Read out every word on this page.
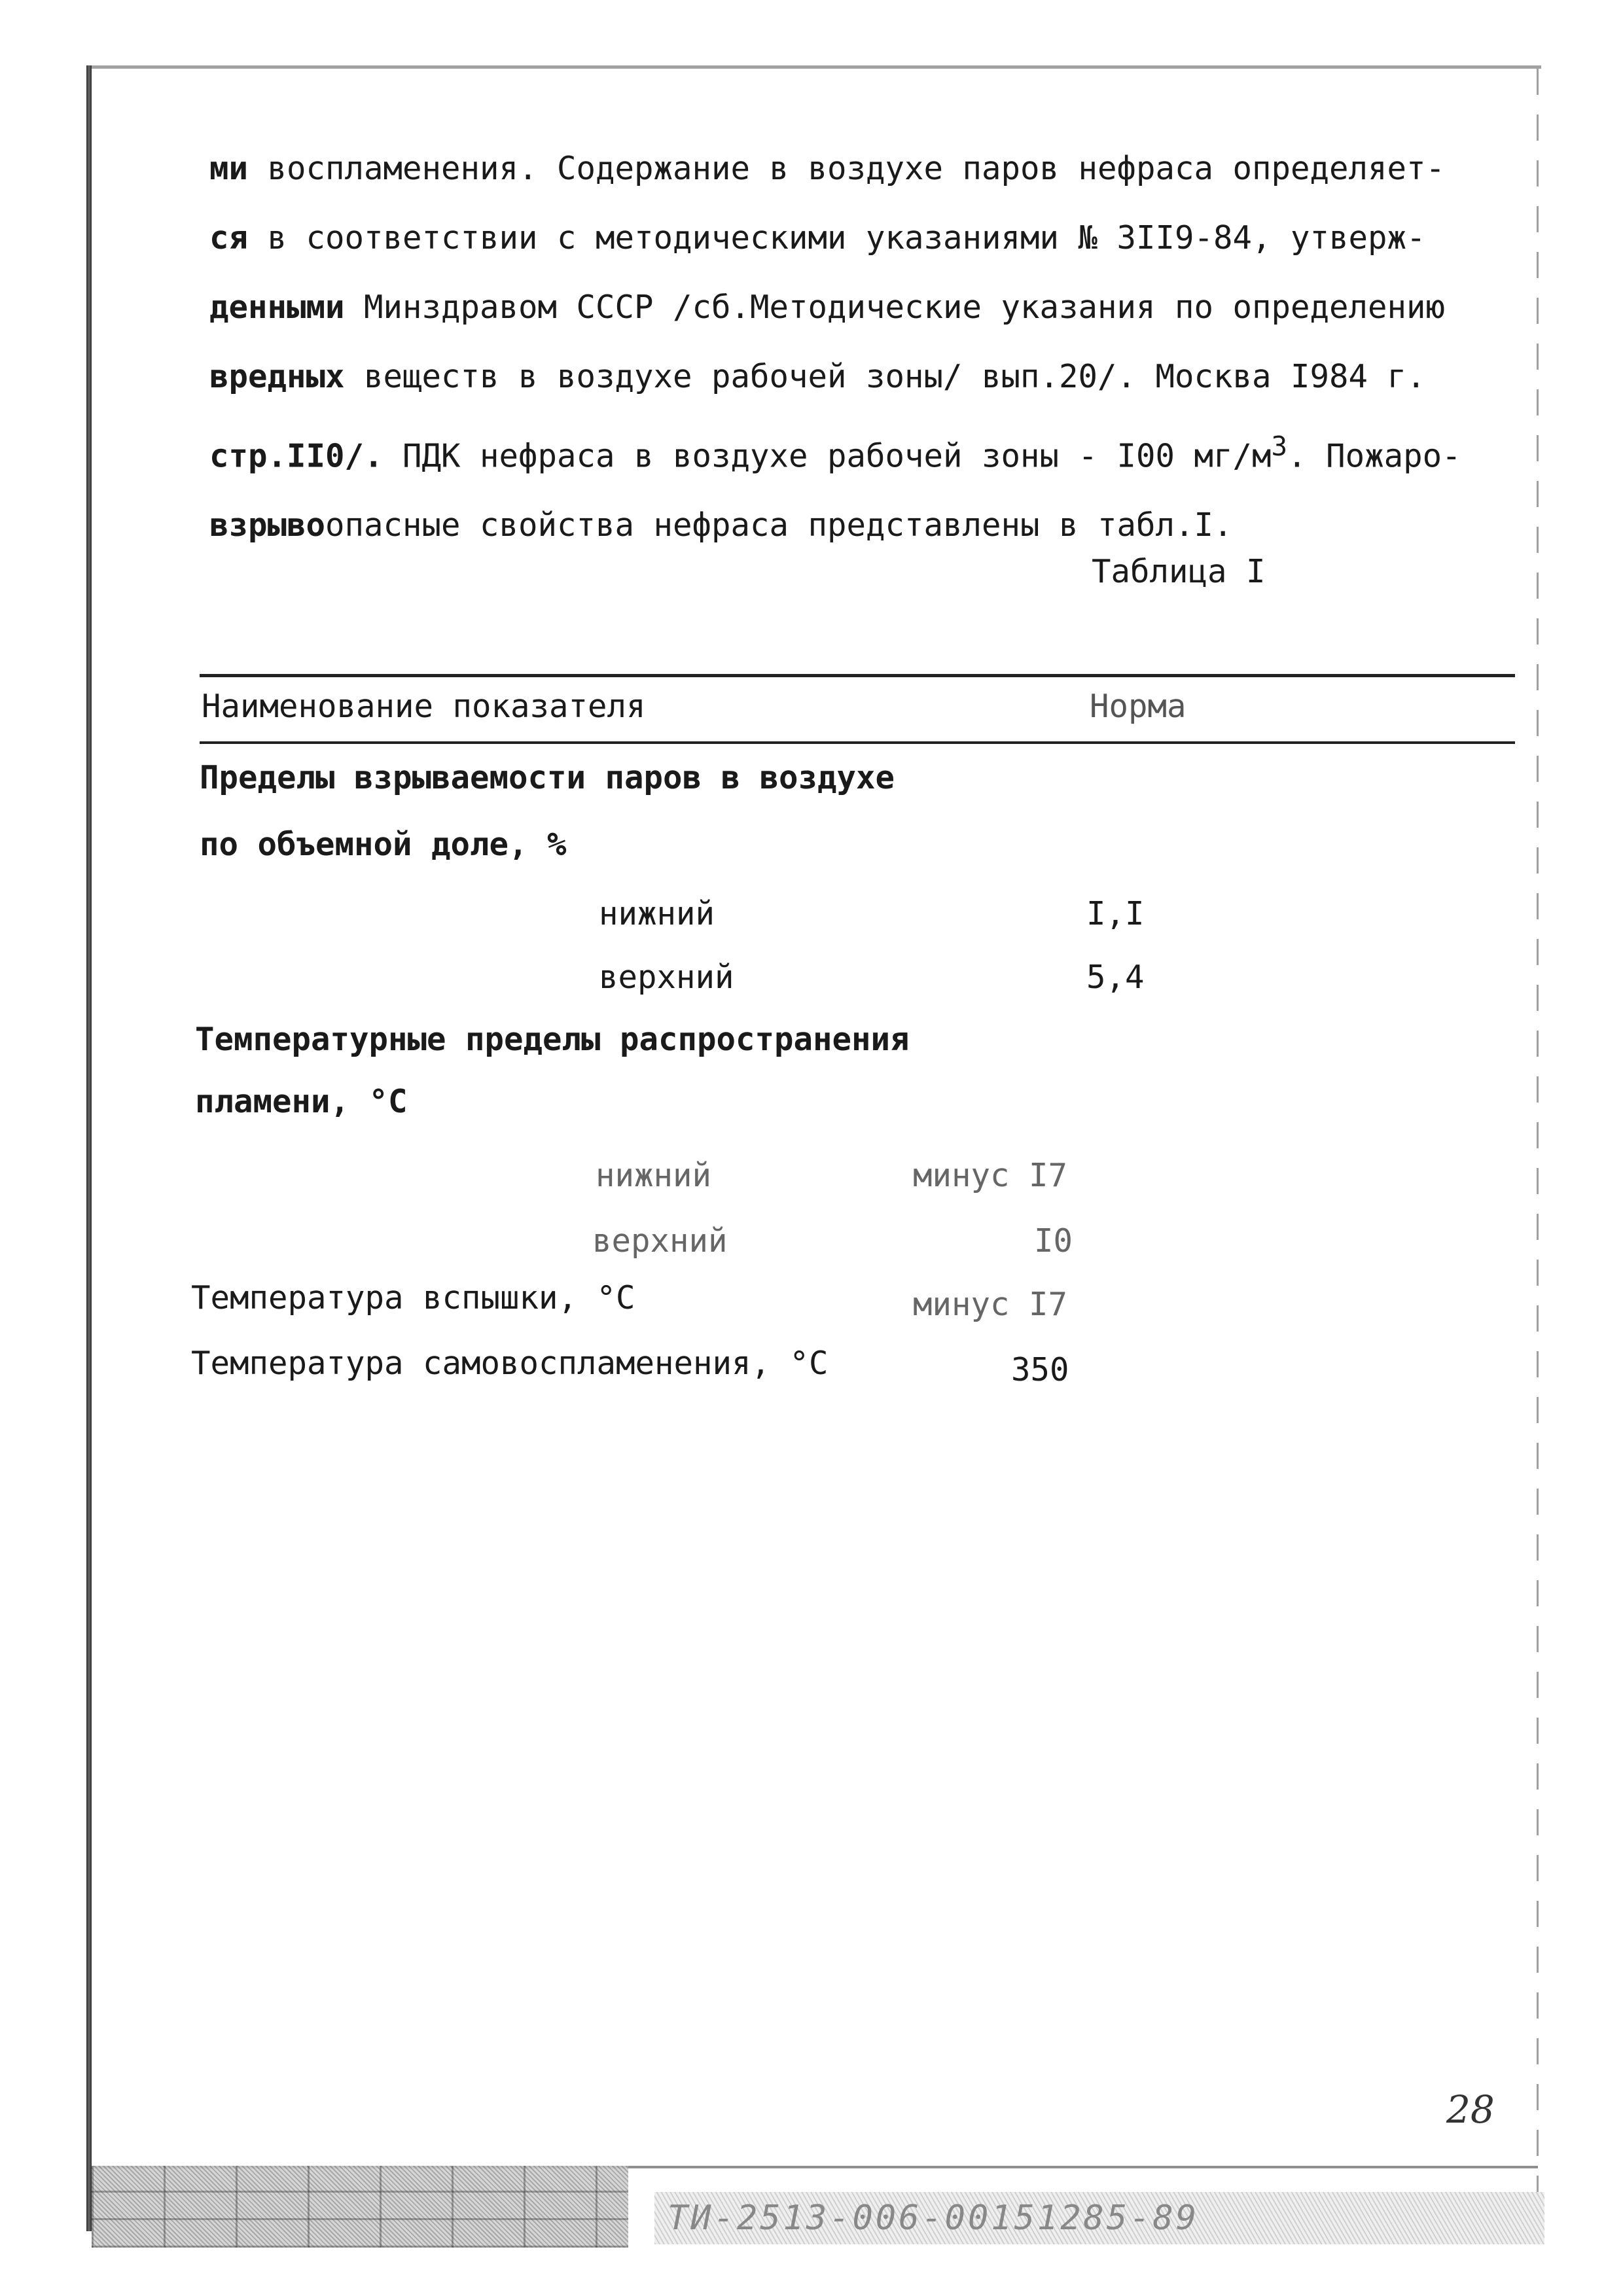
ми воспламенения. Содержание в воздухе паров нефраса определяет-
ся в соответствии с методическими указаниями № 3II9-84, утверж-
денными Минздравом СССР /сб.Методические указания по определению
вредных веществ в воздухе рабочей зоны/ вып.20/. Москва I984 г.
стр.II0/. ПДК нефраса в воздухе рабочей зоны - I00 $мг/м^3$. Пожаро-
взрывоопасные свойства нефраса представлены в табл.I.

Таблица I
Наименование показателя	Норма
Пределы взрываемости паров в воздухе
по объемной доле, %
нижний	I,I
верхний	5,4
Температурные пределы распространения
пламени, °С
нижний	минус I7
верхний	I0
Температура вспышки, °С	минус I7
Температура самовоспламенения, °С	350
28
ТИ-2513-006-00151285-89
